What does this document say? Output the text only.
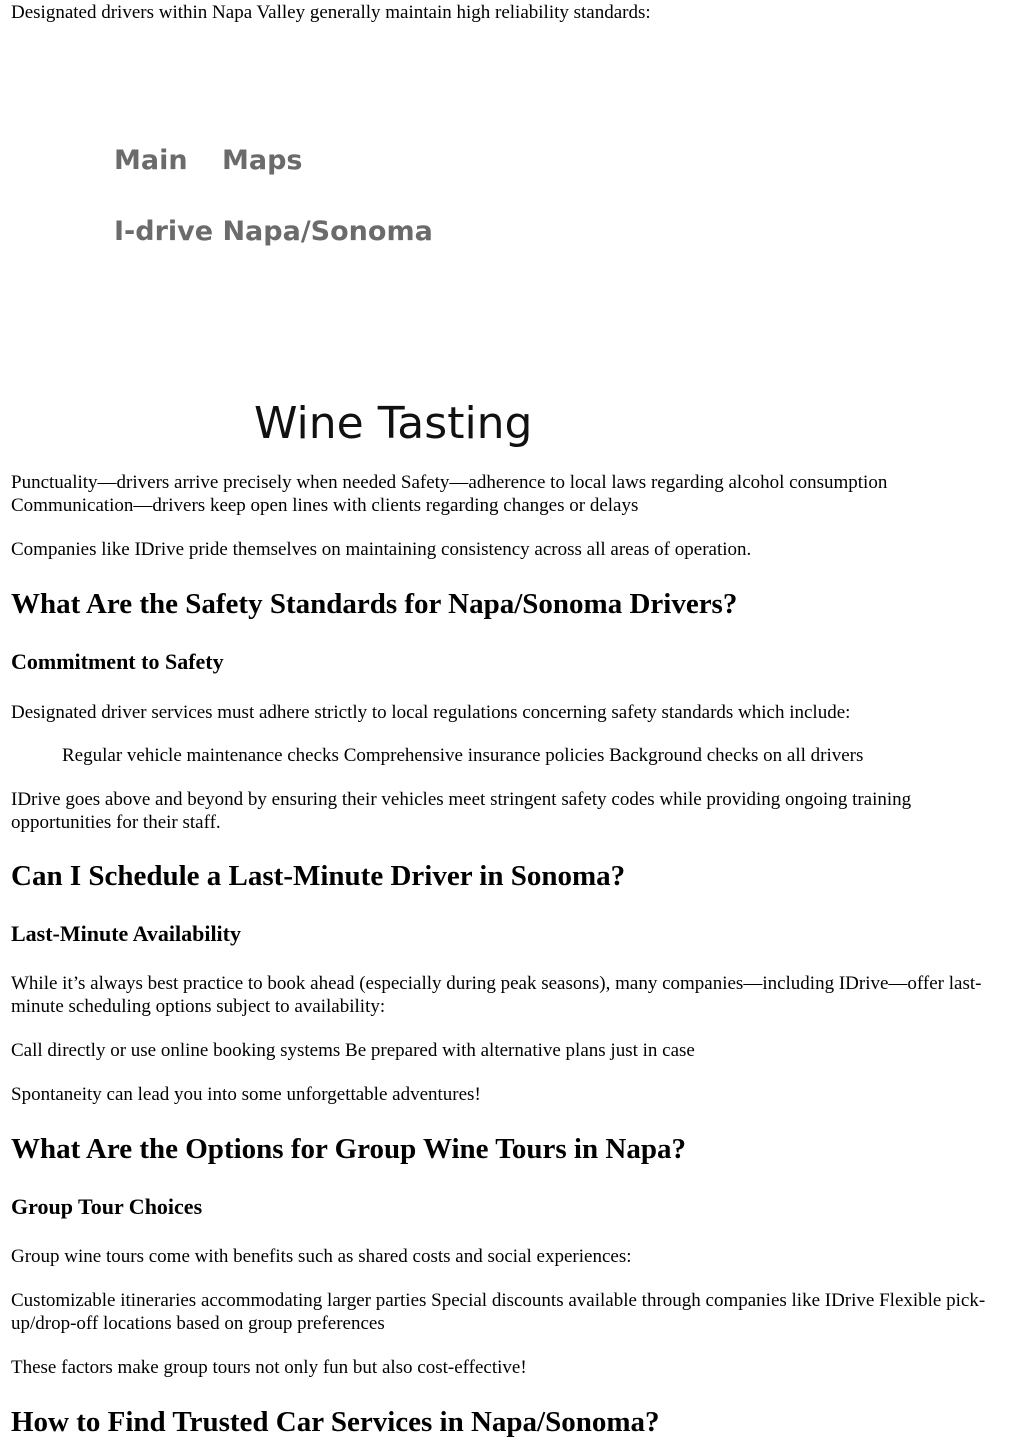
Designated drivers within Napa Valley generally maintain high reliability standards:

Main Maps
I-drive Napa/Sonoma
Wine Tasting

Punctuality—drivers arrive precisely when needed Safety—adherence to local laws regarding alcohol consumption Communication—drivers keep open lines with clients regarding changes or delays

Companies like IDrive pride themselves on maintaining consistency across all areas of operation.

What Are the Safety Standards for Napa/Sonoma Drivers?
Commitment to Safety

Designated driver services must adhere strictly to local regulations concerning safety standards which include:

Regular vehicle maintenance checks Comprehensive insurance policies Background checks on all drivers

IDrive goes above and beyond by ensuring their vehicles meet stringent safety codes while providing ongoing training opportunities for their staff.

Can I Schedule a Last-Minute Driver in Sonoma?
Last-Minute Availability

While it’s always best practice to book ahead (especially during peak seasons), many companies—including IDrive—offer last-minute scheduling options subject to availability:

Call directly or use online booking systems Be prepared with alternative plans just in case

Spontaneity can lead you into some unforgettable adventures!

What Are the Options for Group Wine Tours in Napa?
Group Tour Choices

Group wine tours come with benefits such as shared costs and social experiences:

Customizable itineraries accommodating larger parties Special discounts available through companies like IDrive Flexible pick-up/drop-off locations based on group preferences

These factors make group tours not only fun but also cost-effective!

How to Find Trusted Car Services in Napa/Sonoma?
